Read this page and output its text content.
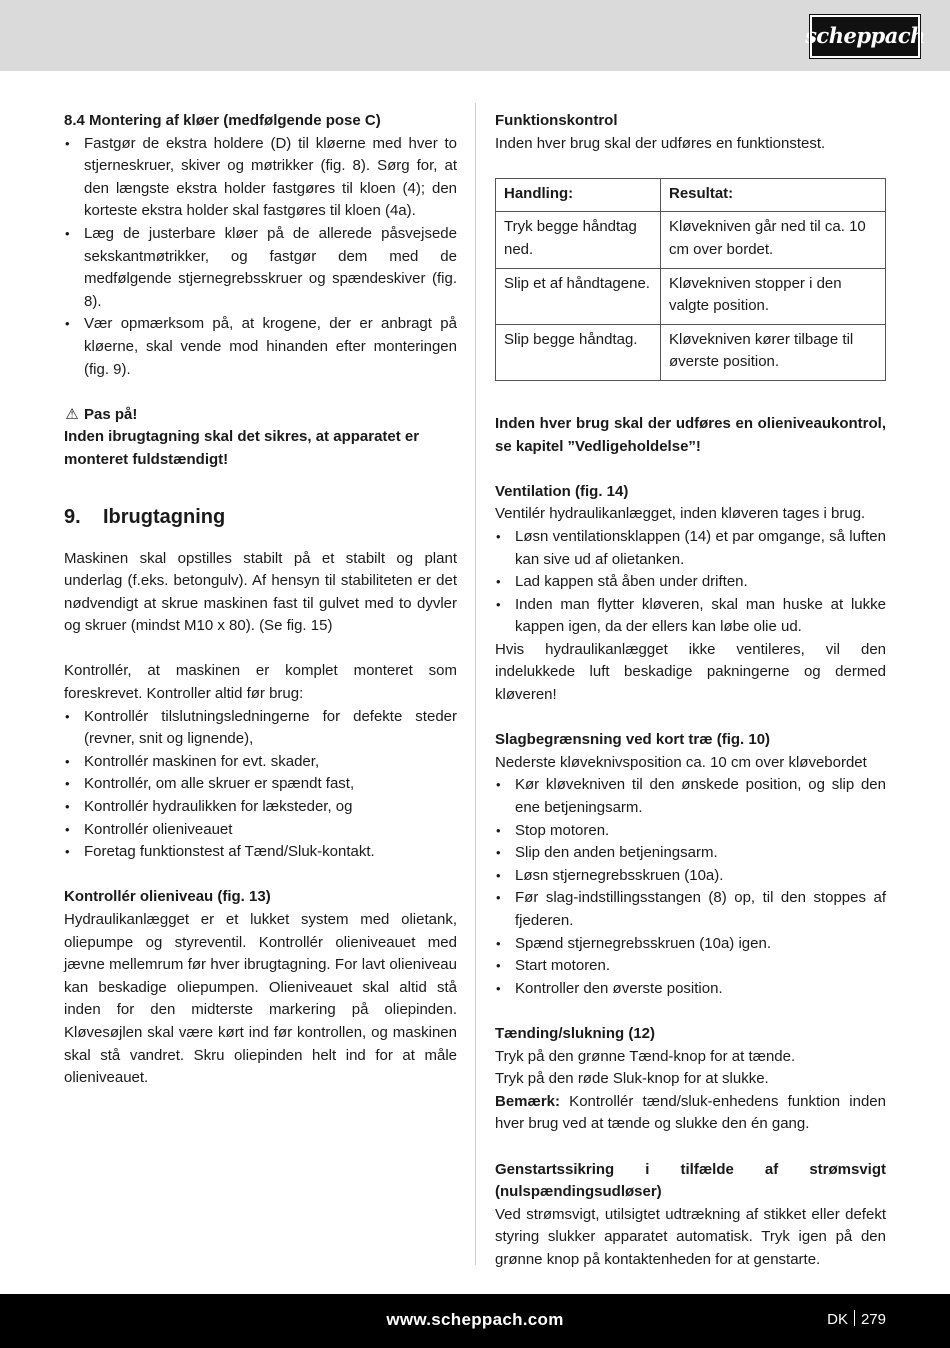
scheppach

8.4 Montering af kløer (medfølgende pose C)

• Fastgør de ekstra holdere (D) til kløerne med hver to stjerneskruer, skiver og møtrikker (fig. 8). Sørg for, at den længste ekstra holder fastgøres til kloen (4); den korteste ekstra holder skal fastgøres til kloen (4a).
• Læg de justerbare kløer på de allerede påsvejsede sekskantmøtrikker, og fastgør dem med de medfølgende stjernegrebsskruer og spændeskiver (fig. 8).
• Vær opmærksom på, at krogene, der er anbragt på kløerne, skal vende mod hinanden efter monteringen (fig. 9).

⚠ Pas på!

Inden ibrugtagning skal det sikres, at apparatet er monteret fuldstændigt!

9.	Ibrugtagning

Maskinen skal opstilles stabilt på et stabilt og plant underlag (f.eks. betongulv). Af hensyn til stabiliteten er det nødvendigt at skrue maskinen fast til gulvet med to dyvler og skruer (mindst M10 x 80). (Se fig. 15)

Kontrollér, at maskinen er komplet monteret som foreskrevet. Kontroller altid før brug:

• Kontrollér tilslutningsledningerne for defekte steder (revner, snit og lignende),
• Kontrollér maskinen for evt. skader,
• Kontrollér, om alle skruer er spændt fast,
• Kontrollér hydraulikken for læksteder, og
• Kontrollér olieniveauet
• Foretag funktionstest af Tænd/Sluk-kontakt.

Kontrollér olieniveau (fig. 13)

Hydraulikanlægget er et lukket system med olietank, oliepumpe og styreventil. Kontrollér olieniveauet med jævne mellemrum før hver ibrugtagning. For lavt olieniveau kan beskadige oliepumpen. Olieniveauet skal altid stå inden for den midterste markering på oliepinden. Kløvesøjlen skal være kørt ind før kontrollen, og maskinen skal stå vandret. Skru oliepinden helt ind for at måle olieniveauet.

Funktionskontrol

Inden hver brug skal der udføres en funktionstest.

Handling:	Resultat:
Tryk begge håndtag ned.	Kløvekniven går ned til ca. 10 cm over bordet.
Slip et af håndtagene.	Kløvekniven stopper i den valgte position.
Slip begge håndtag.	Kløvekniven kører tilbage til øverste position.

Inden hver brug skal der udføres en olieniveaukontrol, se kapitel ”Vedligeholdelse”!

Ventilation (fig. 14)

Ventilér hydraulikanlægget, inden kløveren tages i brug.

• Løsn ventilationsklappen (14) et par omgange, så luften kan sive ud af olietanken.
• Lad kappen stå åben under driften.
• Inden man flytter kløveren, skal man huske at lukke kappen igen, da der ellers kan løbe olie ud.

Hvis hydraulikanlægget ikke ventileres, vil den indelukkede luft beskadige pakningerne og dermed kløveren!

Slagbegrænsning ved kort træ (fig. 10)

Nederste kløveknivsposition ca. 10 cm over kløvebordet

• Kør kløvekniven til den ønskede position, og slip den ene betjeningsarm.
• Stop motoren.
• Slip den anden betjeningsarm.
• Løsn stjernegrebsskruen (10a).
• Før slag-indstillingsstangen (8) op, til den stoppes af fjederen.
• Spænd stjernegrebsskruen (10a) igen.
• Start motoren.
• Kontroller den øverste position.

Tænding/slukning (12)

Tryk på den grønne Tænd-knop for at tænde.

Tryk på den røde Sluk-knop for at slukke.

Bemærk: Kontrollér tænd/sluk-enhedens funktion inden hver brug ved at tænde og slukke den én gang.

Genstartssikring i tilfælde af strømsvigt (nulspændingsudløser)

Ved strømsvigt, utilsigtet udtrækning af stikket eller defekt styring slukker apparatet automatisk. Tryk igen på den grønne knop på kontaktenheden for at genstarte.

www.scheppach.com	DK 279
